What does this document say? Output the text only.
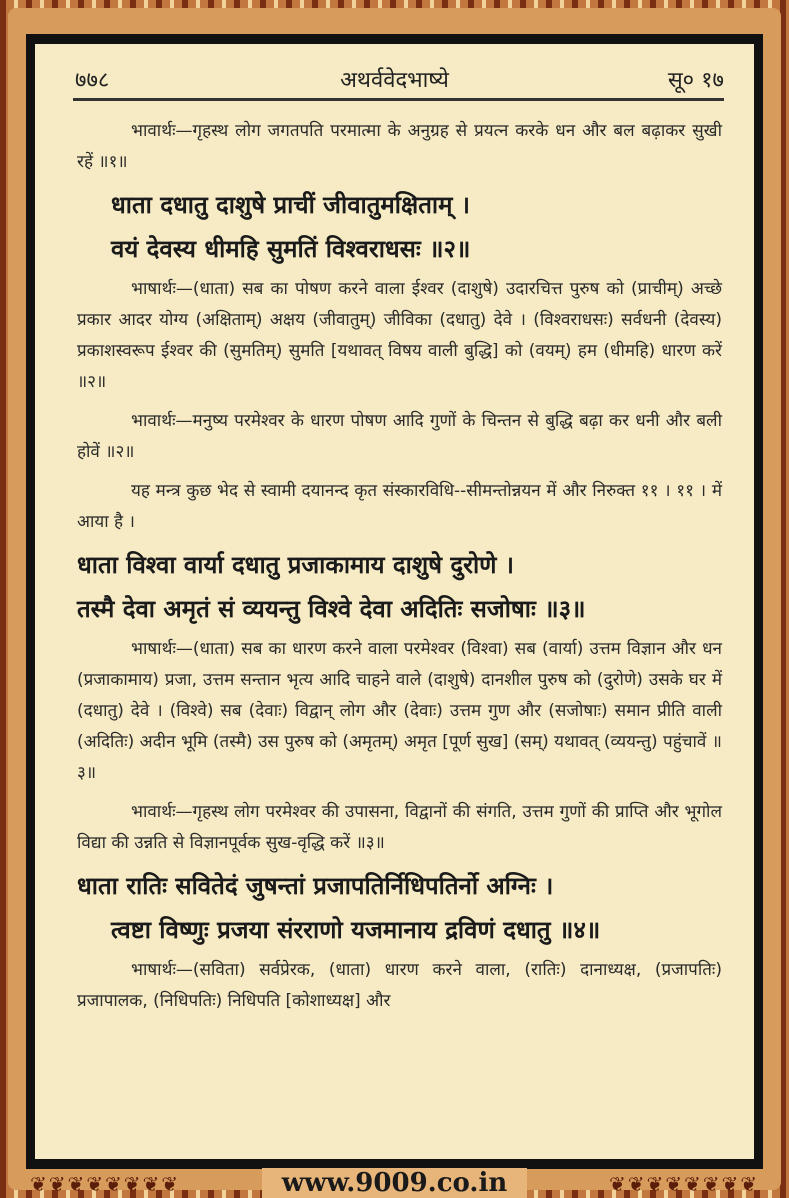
७७८	अथर्ववेदभाष्ये	सू० १७

भावार्थः—गृहस्थ लोग जगतपति परमात्मा के अनुग्रह से प्रयत्न करके धन और बल बढ़ाकर सुखी रहें ॥१॥

धाता दधातु दाशुषे प्राचीं जीवातुमक्षिताम् ।
वयं देवस्य धीमहि सुमतिं विश्वराधसः ॥२॥

भाषार्थः—(धाता) सब का पोषण करने वाला ईश्वर (दाशुषे) उदारचित्त पुरुष को (प्राचीम्) अच्छे प्रकार आदर योग्य (अक्षिताम्) अक्षय (जीवातुम्) जीविका (दधातु) देवे । (विश्वराधसः) सर्वधनी (देवस्य) प्रकाशस्वरूप ईश्वर की (सुमतिम्) सुमति [यथावत् विषय वाली बुद्धि] को (वयम्) हम (धीमहि) धारण करें ॥२॥

भावार्थः—मनुष्य परमेश्वर के धारण पोषण आदि गुणों के चिन्तन से बुद्धि बढ़ा कर धनी और बली होवें ॥२॥

यह मन्त्र कुछ भेद से स्वामी दयानन्द कृत संस्कारविधि--सीमन्तोन्नयन में और निरुक्त ११ । ११ । में आया है ।

धाता विश्वा वार्या दधातु प्रजाकामाय दाशुषे दुरोणे ।
तस्मै देवा अमृतं सं व्ययन्तु विश्वे देवा अदितिः सजोषाः ॥३॥

भाषार्थः—(धाता) सब का धारण करने वाला परमेश्वर (विश्वा) सब (वार्या) उत्तम विज्ञान और धन (प्रजाकामाय) प्रजा, उत्तम सन्तान भृत्य आदि चाहने वाले (दाशुषे) दानशील पुरुष को (दुरोणे) उसके घर में (दधातु) देवे । (विश्वे) सब (देवाः) विद्वान् लोग और (देवाः) उत्तम गुण और (सजोषाः) समान प्रीति वाली (अदितिः) अदीन भूमि (तस्मै) उस पुरुष को (अमृतम्) अमृत [पूर्ण सुख] (सम्) यथावत् (व्ययन्तु) पहुंचावें ॥३॥

भावार्थः—गृहस्थ लोग परमेश्वर की उपासना, विद्वानों की संगति, उत्तम गुणों की प्राप्ति और भूगोल विद्या की उन्नति से विज्ञानपूर्वक सुख-वृद्धि करें ॥३॥

धाता रातिः सवितेदं जुषन्तां प्रजापतिर्निधिपतिर्नो अग्निः ।
त्वष्टा विष्णुः प्रजया संरराणो यजमानाय द्रविणं दधातु ॥४॥

भाषार्थः—(सविता) सर्वप्रेरक, (धाता) धारण करने वाला, (रातिः) दानाध्यक्ष, (प्रजापतिः) प्रजापालक, (निधिपतिः) निधिपति [कोशाध्यक्ष] और

❦❦❦❦❦❦❦❦	❦❦❦❦❦❦❦❦
www.9009.co.in
